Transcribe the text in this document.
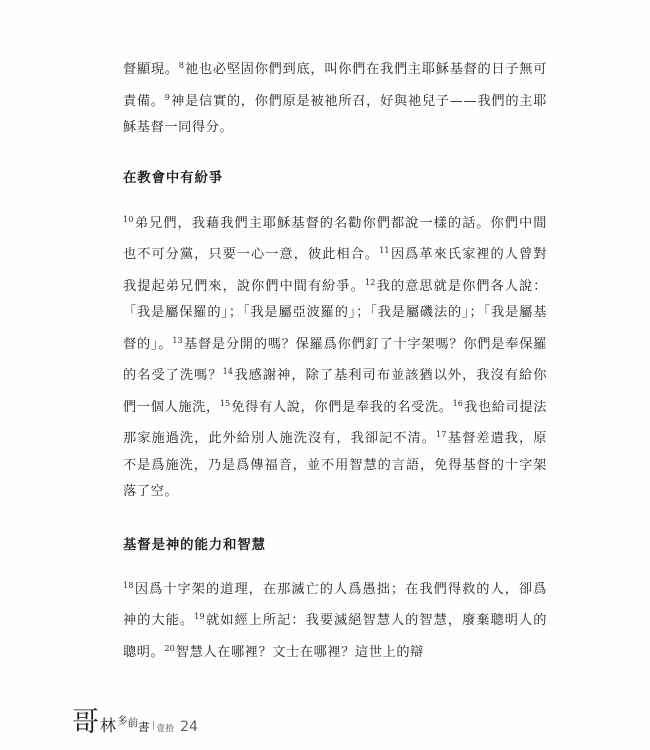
督顯現。$^8$祂也必堅固你們到底，叫你們在我們主耶穌基督的日子無可責備。$^9$神是信實的，你們原是被祂所召，好與祂兒子——我們的主耶穌基督一同得分。

在教會中有紛爭

$^{10}$弟兄們，我藉我們主耶穌基督的名勸你們都說一樣的話。你們中間也不可分黨，只要一心一意，彼此相合。$^{11}$因爲革來氏家裡的人曾對我提起弟兄們來，說你們中間有紛爭。$^{12}$我的意思就是你們各人說：「我是屬保羅的」；「我是屬亞波羅的」；「我是屬磯法的」；「我是屬基督的」。$^{13}$基督是分開的嗎？保羅爲你們釘了十字架嗎？你們是奉保羅的名受了洗嗎？$^{14}$我感謝神，除了基利司布並該猶以外，我沒有給你們一個人施洗，$^{15}$免得有人說，你們是奉我的名受洗。$^{16}$我也給司提法那家施過洗，此外給別人施洗沒有，我卻記不清。$^{17}$基督差遣我，原不是爲施洗，乃是爲傳福音，並不用智慧的言語，免得基督的十字架落了空。

基督是神的能力和智慧

$^{18}$因爲十字架的道理，在那滅亡的人爲愚拙；在我們得救的人，卻爲神的大能。$^{19}$就如經上所記：我要滅絕智慧人的智慧，廢棄聰明人的聰明。$^{20}$智慧人在哪裡？文士在哪裡？這世上的辯

哥 林 多 前 書 壹拾 24
